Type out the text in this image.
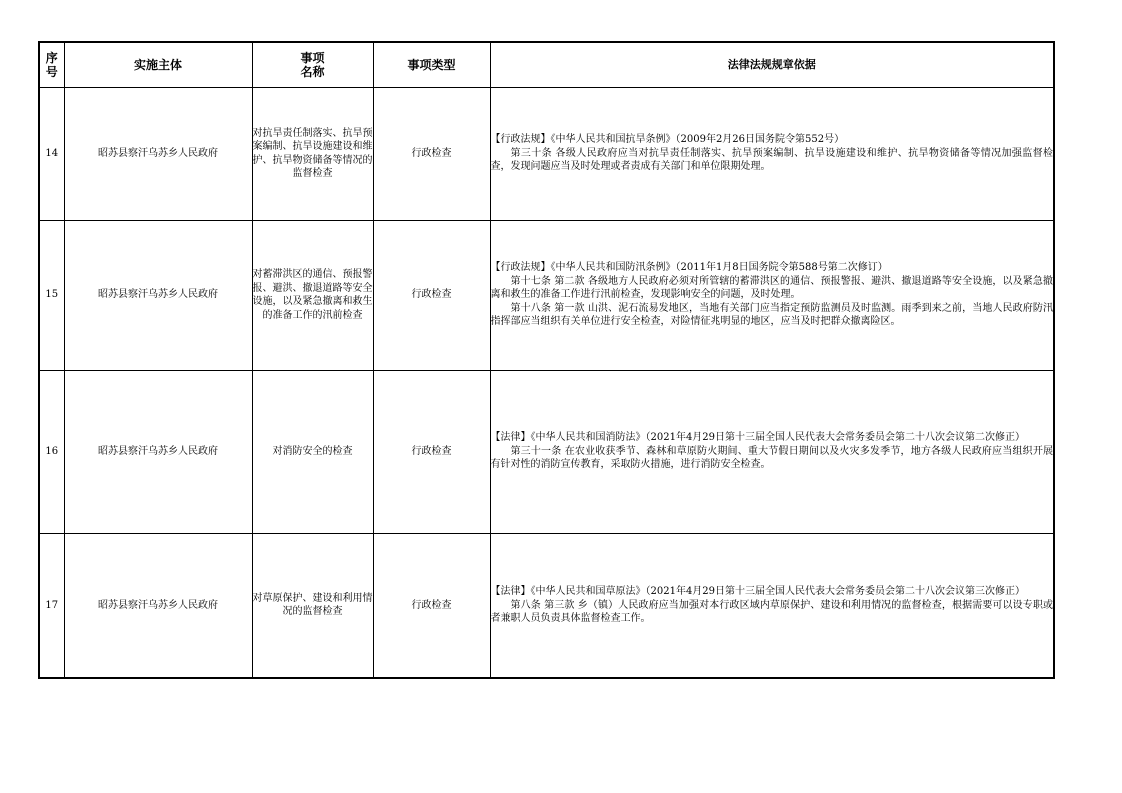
序号	实施主体	事项名称	事项类型	法律法规规章依据
14	昭苏县察汗乌苏乡人民政府	对抗旱责任制落实、抗旱预案编制、抗旱设施建设和维护、抗旱物资储备等情况的监督检查	行政检查	【行政法规】《中华人民共和国抗旱条例》（2009年2月26日国务院令第552号）
第三十条 各级人民政府应当对抗旱责任制落实、抗旱预案编制、抗旱设施建设和维护、抗旱物资储备等情况加强监督检查，发现问题应当及时处理或者责成有关部门和单位限期处理。

15	昭苏县察汗乌苏乡人民政府	对蓄滞洪区的通信、预报警报、避洪、撤退道路等安全设施，以及紧急撤离和救生的准备工作的汛前检查	行政检查	【行政法规】《中华人民共和国防汛条例》（2011年1月8日国务院令第588号第二次修订）
第十七条 第二款 各级地方人民政府必须对所管辖的蓄滞洪区的通信、预报警报、避洪、撤退道路等安全设施，以及紧急撤离和救生的准备工作进行汛前检查，发现影响安全的问题，及时处理。
第十八条 第一款 山洪、泥石流易发地区，当地有关部门应当指定预防监测员及时监测。雨季到来之前，当地人民政府防汛指挥部应当组织有关单位进行安全检查，对险情征兆明显的地区，应当及时把群众撤离险区。

16	昭苏县察汗乌苏乡人民政府	对消防安全的检查	行政检查	【法律】《中华人民共和国消防法》（2021年4月29日第十三届全国人民代表大会常务委员会第二十八次会议第二次修正）
第三十一条 在农业收获季节、森林和草原防火期间、重大节假日期间以及火灾多发季节，地方各级人民政府应当组织开展有针对性的消防宣传教育，采取防火措施，进行消防安全检查。

17	昭苏县察汗乌苏乡人民政府	对草原保护、建设和利用情况的监督检查	行政检查	【法律】《中华人民共和国草原法》（2021年4月29日第十三届全国人民代表大会常务委员会第二十八次会议第三次修正）
第八条 第三款 乡（镇）人民政府应当加强对本行政区域内草原保护、建设和利用情况的监督检查，根据需要可以设专职或者兼职人员负责具体监督检查工作。
